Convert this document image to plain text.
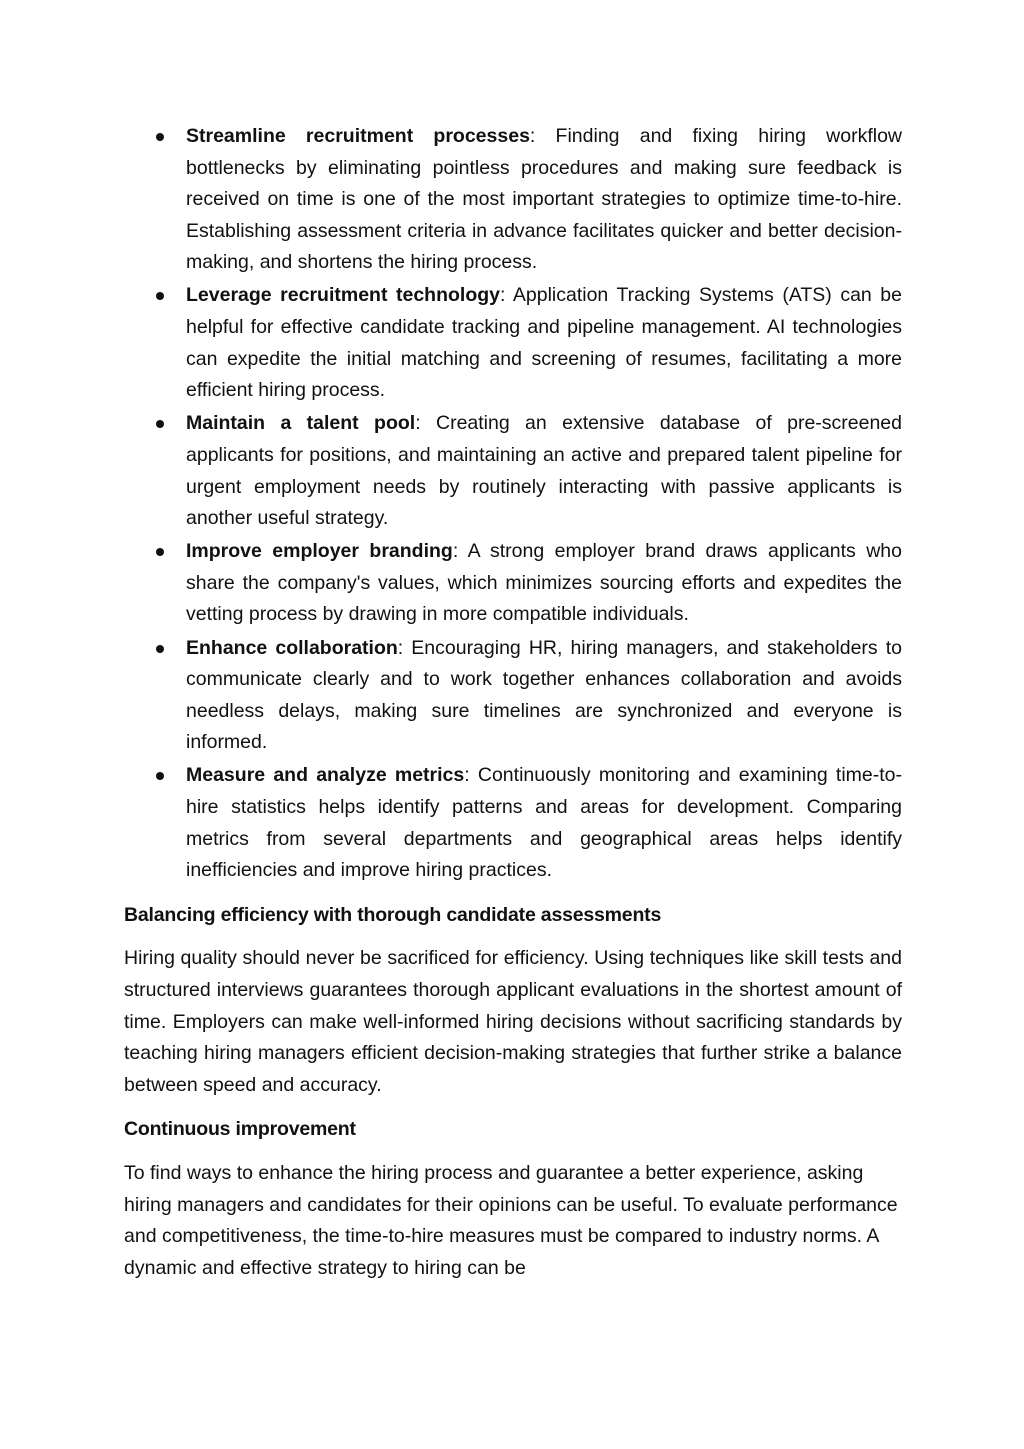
Streamline recruitment processes: Finding and fixing hiring workflow bottlenecks by eliminating pointless procedures and making sure feedback is received on time is one of the most important strategies to optimize time-to-hire. Establishing assessment criteria in advance facilitates quicker and better decision-making, and shortens the hiring process.
Leverage recruitment technology: Application Tracking Systems (ATS) can be helpful for effective candidate tracking and pipeline management. AI technologies can expedite the initial matching and screening of resumes, facilitating a more efficient hiring process.
Maintain a talent pool: Creating an extensive database of pre-screened applicants for positions, and maintaining an active and prepared talent pipeline for urgent employment needs by routinely interacting with passive applicants is another useful strategy.
Improve employer branding: A strong employer brand draws applicants who share the company's values, which minimizes sourcing efforts and expedites the vetting process by drawing in more compatible individuals.
Enhance collaboration: Encouraging HR, hiring managers, and stakeholders to communicate clearly and to work together enhances collaboration and avoids needless delays, making sure timelines are synchronized and everyone is informed.
Measure and analyze metrics: Continuously monitoring and examining time-to-hire statistics helps identify patterns and areas for development. Comparing metrics from several departments and geographical areas helps identify inefficiencies and improve hiring practices.
Balancing efficiency with thorough candidate assessments

Hiring quality should never be sacrificed for efficiency. Using techniques like skill tests and structured interviews guarantees thorough applicant evaluations in the shortest amount of time. Employers can make well-informed hiring decisions without sacrificing standards by teaching hiring managers efficient decision-making strategies that further strike a balance between speed and accuracy.

Continuous improvement

To find ways to enhance the hiring process and guarantee a better experience, asking hiring managers and candidates for their opinions can be useful. To evaluate performance and competitiveness, the time-to-hire measures must be compared to industry norms. A dynamic and effective strategy to hiring can be
